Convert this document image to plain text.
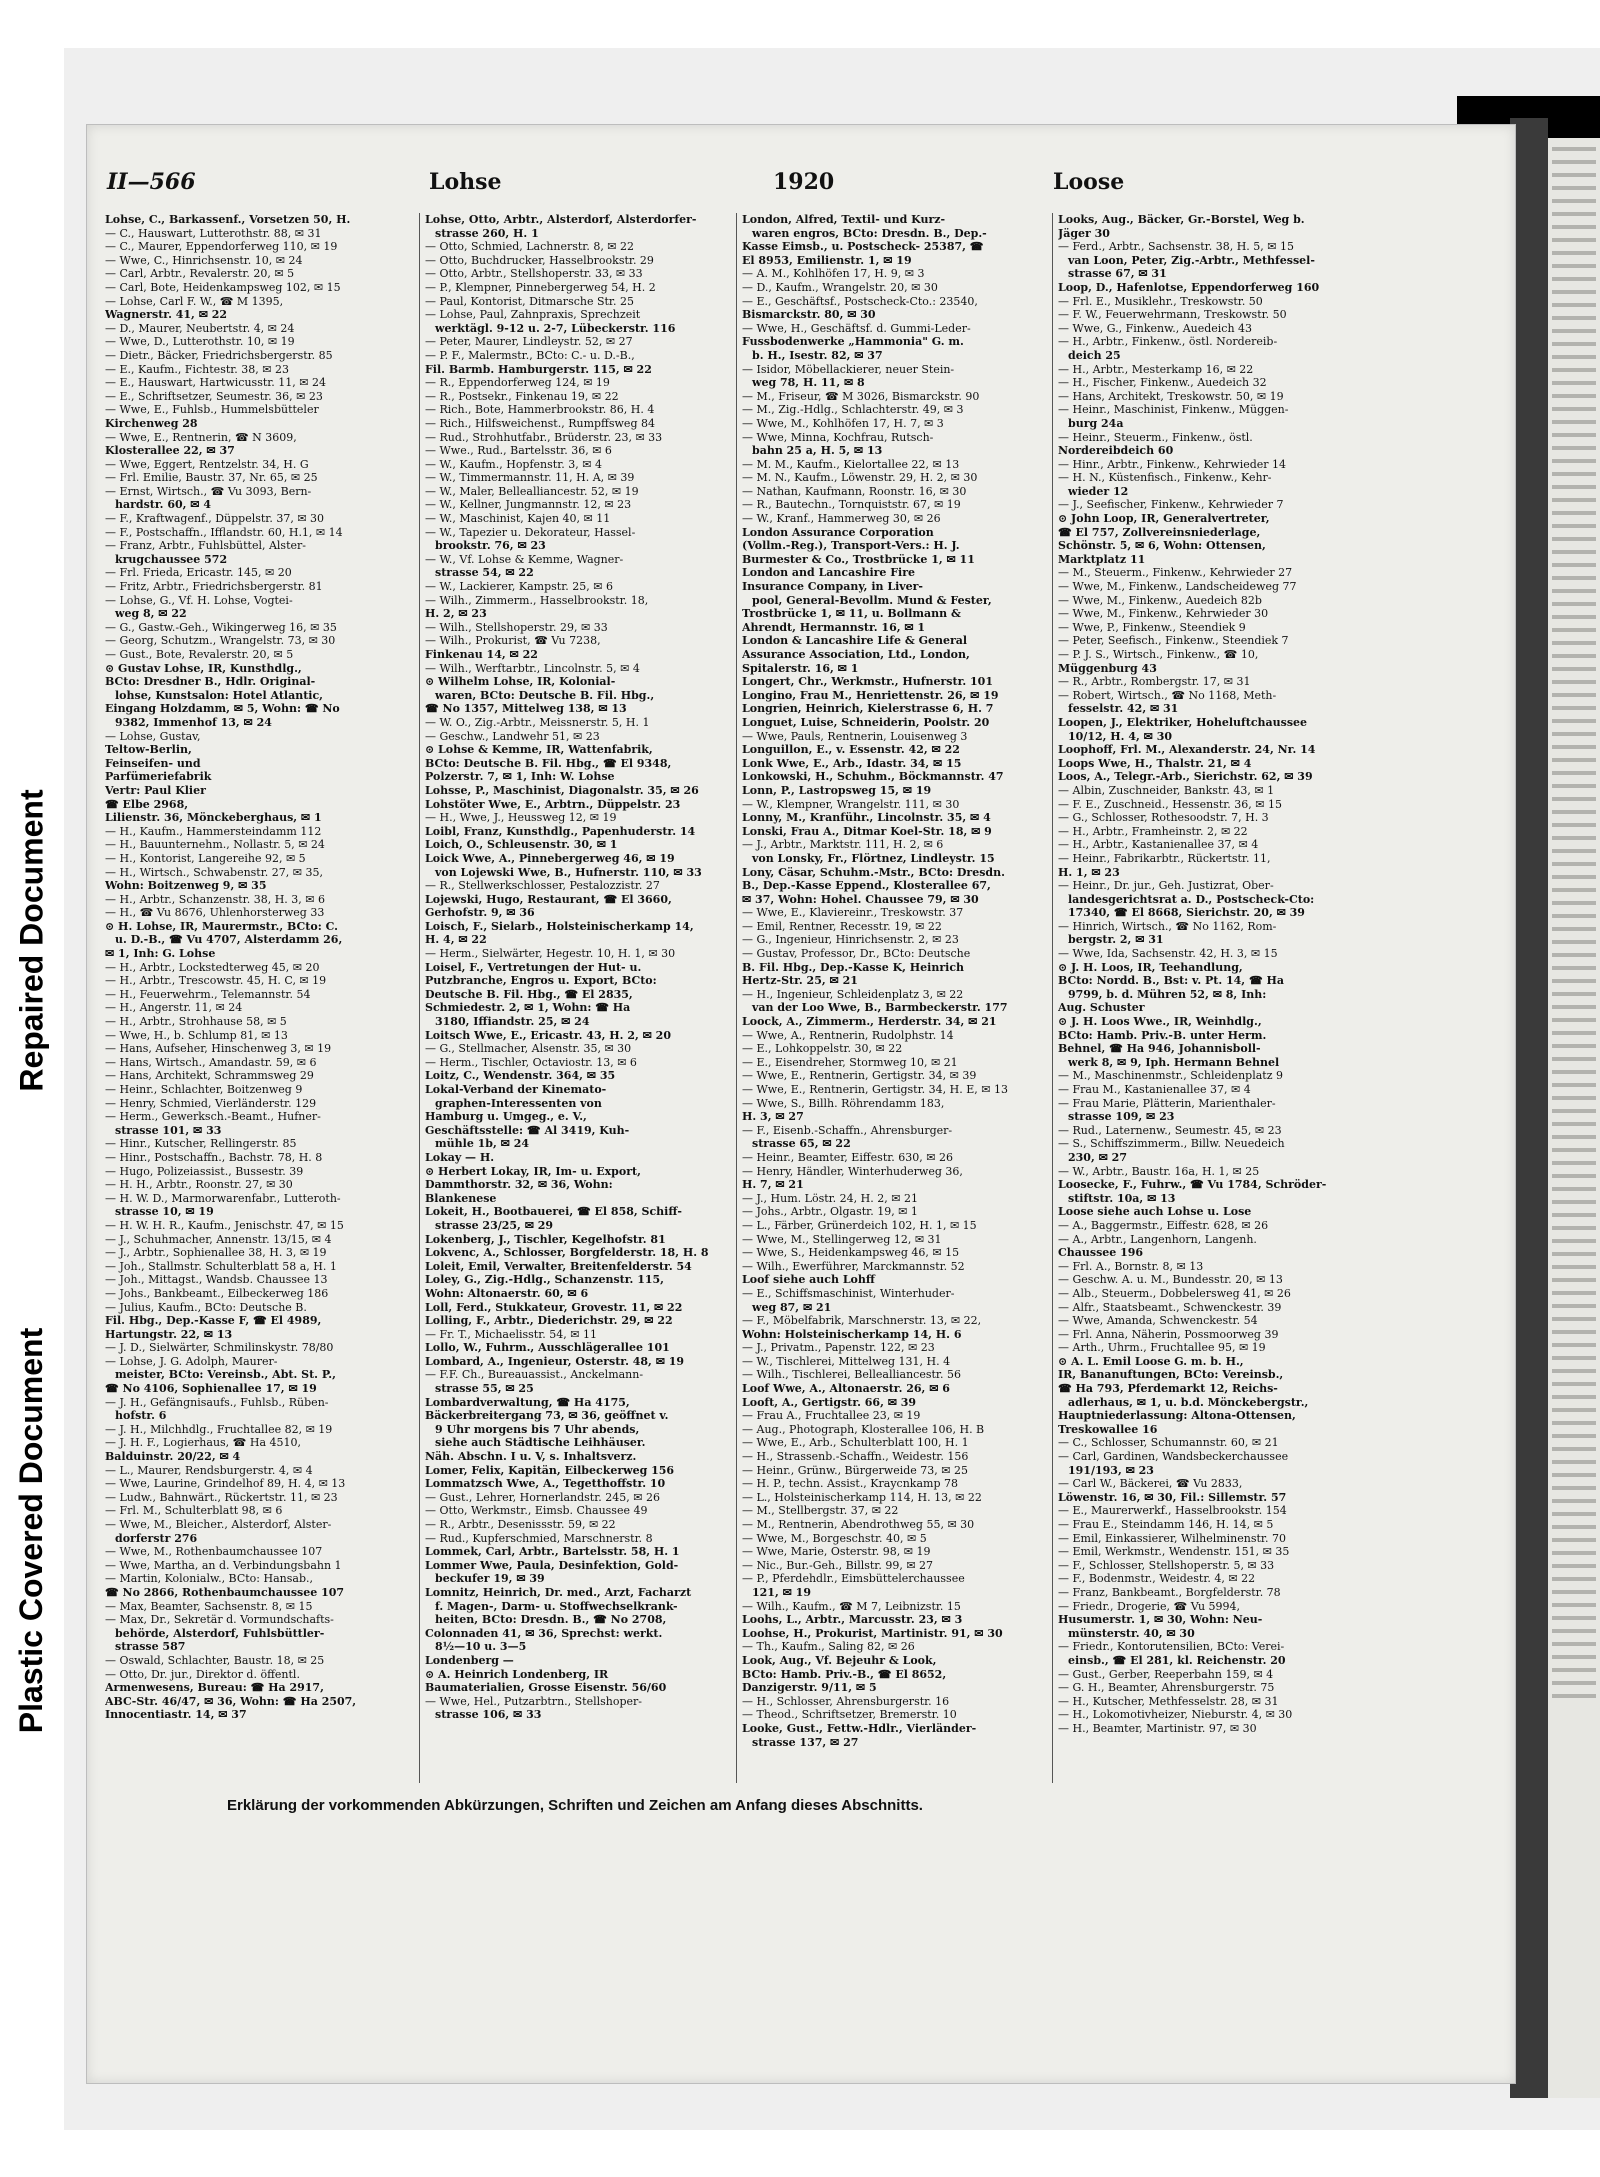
Repaired Document
Plastic Covered Document
II—566	Lohse	1920	Loose
Lohse, C., Barkassenf., Vorsetzen 50, H.
— C., Hauswart, Lutterothstr. 88, ✉ 31
— C., Maurer, Eppendorferweg 110, ✉ 19
— Wwe, C., Hinrichsenstr. 10, ✉ 24
— Carl, Arbtr., Revalerstr. 20, ✉ 5
— Carl, Bote, Heidenkampsweg 102, ✉ 15
— Lohse, Carl F. W., ☎ M 1395,
Wagnerstr. 41, ✉ 22
— D., Maurer, Neubertstr. 4, ✉ 24
— Wwe, D., Lutterothstr. 10, ✉ 19
— Dietr., Bäcker, Friedrichsbergerstr. 85
— E., Kaufm., Fichtestr. 38, ✉ 23
— E., Hauswart, Hartwicusstr. 11, ✉ 24
— E., Schriftsetzer, Seumestr. 36, ✉ 23
— Wwe, E., Fuhlsb., Hummelsbütteler
Kirchenweg 28
— Wwe, E., Rentnerin, ☎ N 3609,
Klosterallee 22, ✉ 37
— Wwe, Eggert, Rentzelstr. 34, H. G
— Frl. Emilie, Baustr. 37, Nr. 65, ✉ 25
— Ernst, Wirtsch., ☎ Vu 3093, Bern-
hardstr. 60, ✉ 4
— F., Kraftwagenf., Düppelstr. 37, ✉ 30
— F., Postschaffn., Ifflandstr. 60, H.1, ✉ 14
— Franz, Arbtr., Fuhlsbüttel, Alster-
krugchaussee 572
— Frl. Frieda, Ericastr. 145, ✉ 20
— Fritz, Arbtr., Friedrichsbergerstr. 81
— Lohse, G., Vf. H. Lohse, Vogtei-
weg 8, ✉ 22
— G., Gastw.-Geh., Wikingerweg 16, ✉ 35
— Georg, Schutzm., Wrangelstr. 73, ✉ 30
— Gust., Bote, Revalerstr. 20, ✉ 5
⊙ Gustav Lohse, IR, Kunsthdlg.,
BCto: Dresdner B., Hdlr. Original-
lohse, Kunstsalon: Hotel Atlantic,
Eingang Holzdamm, ✉ 5, Wohn: ☎ No
9382, Immenhof 13, ✉ 24
— Lohse, Gustav,
Teltow-Berlin,
Feinseifen- und
Parfümeriefabrik
Vertr: Paul Klier
☎ Elbe 2968,
Lilienstr. 36, Mönckeberghaus, ✉ 1
— H., Kaufm., Hammersteindamm 112
— H., Bauunternehm., Nollastr. 5, ✉ 24
— H., Kontorist, Langereihe 92, ✉ 5
— H., Wirtsch., Schwabenstr. 27, ✉ 35,
Wohn: Boitzenweg 9, ✉ 35
— H., Arbtr., Schanzenstr. 38, H. 3, ✉ 6
— H., ☎ Vu 8676, Uhlenhorsterweg 33
⊙ H. Lohse, IR, Maurermstr., BCto: C.
u. D.-B., ☎ Vu 4707, Alsterdamm 26,
✉ 1, Inh: G. Lohse
— H., Arbtr., Lockstedterweg 45, ✉ 20
— H., Arbtr., Trescowstr. 45, H. C, ✉ 19
— H., Feuerwehrm., Telemannstr. 54
— H., Angerstr. 11, ✉ 24
— H., Arbtr., Strohhause 58, ✉ 5
— Wwe, H., b. Schlump 81, ✉ 13
— Hans, Aufseher, Hinschenweg 3, ✉ 19
— Hans, Wirtsch., Amandastr. 59, ✉ 6
— Hans, Architekt, Schrammsweg 29
— Heinr., Schlachter, Boitzenweg 9
— Henry, Schmied, Vierländerstr. 129
— Herm., Gewerksch.-Beamt., Hufner-
strasse 101, ✉ 33
— Hinr., Kutscher, Rellingerstr. 85
— Hinr., Postschaffn., Bachstr. 78, H. 8
— Hugo, Polizeiassist., Bussestr. 39
— H. H., Arbtr., Roonstr. 27, ✉ 30
— H. W. D., Marmorwarenfabr., Lutteroth-
strasse 10, ✉ 19
— H. W. H. R., Kaufm., Jenischstr. 47, ✉ 15
— J., Schuhmacher, Annenstr. 13/15, ✉ 4
— J., Arbtr., Sophienallee 38, H. 3, ✉ 19
— Joh., Stallmstr. Schulterblatt 58 a, H. 1
— Joh., Mittagst., Wandsb. Chaussee 13
— Johs., Bankbeamt., Eilbeckerweg 186
— Julius, Kaufm., BCto: Deutsche B.
Fil. Hbg., Dep.-Kasse F, ☎ El 4989,
Hartungstr. 22, ✉ 13
— J. D., Sielwärter, Schmilinskystr. 78/80
— Lohse, J. G. Adolph, Maurer-
meister, BCto: Vereinsb., Abt. St. P.,
☎ No 4106, Sophienallee 17, ✉ 19
— J. H., Gefängnisaufs., Fuhlsb., Rüben-
hofstr. 6
— J. H., Milchhdlg., Fruchtallee 82, ✉ 19
— J. H. F., Logierhaus, ☎ Ha 4510,
Balduinstr. 20/22, ✉ 4
— L., Maurer, Rendsburgerstr. 4, ✉ 4
— Wwe, Laurine, Grindelhof 89, H. 4, ✉ 13
— Ludw., Bahnwärt., Rückertstr. 11, ✉ 23
— Frl. M., Schulterblatt 98, ✉ 6
— Wwe, M., Bleicher., Alsterdorf, Alster-
dorferstr 276
— Wwe, M., Rothenbaumchaussee 107
— Wwe, Martha, an d. Verbindungsbahn 1
— Martin, Kolonialw., BCto: Hansab.,
☎ No 2866, Rothenbaumchaussee 107
— Max, Beamter, Sachsenstr. 8, ✉ 15
— Max, Dr., Sekretär d. Vormundschafts-
behörde, Alsterdorf, Fuhlsbüttler-
strasse 587
— Oswald, Schlachter, Baustr. 18, ✉ 25
— Otto, Dr. jur., Direktor d. öffentl.
Armenwesens, Bureau: ☎ Ha 2917,
ABC-Str. 46/47, ✉ 36, Wohn: ☎ Ha 2507,
Innocentiastr. 14, ✉ 37
Lohse, Otto, Arbtr., Alsterdorf, Alsterdorfer-
strasse 260, H. 1
— Otto, Schmied, Lachnerstr. 8, ✉ 22
— Otto, Buchdrucker, Hasselbrookstr. 29
— Otto, Arbtr., Stellshoperstr. 33, ✉ 33
— P., Klempner, Pinnebergerweg 54, H. 2
— Paul, Kontorist, Ditmarsche Str. 25
— Lohse, Paul, Zahnpraxis, Sprechzeit
werktägl. 9-12 u. 2-7, Lübeckerstr. 116
— Peter, Maurer, Lindleystr. 52, ✉ 27
— P. F., Malermstr., BCto: C.- u. D.-B.,
Fil. Barmb. Hamburgerstr. 115, ✉ 22
— R., Eppendorferweg 124, ✉ 19
— R., Postsekr., Finkenau 19, ✉ 22
— Rich., Bote, Hammerbrookstr. 86, H. 4
— Rich., Hilfsweichenst., Rumpffsweg 84
— Rud., Strohhutfabr., Brüderstr. 23, ✉ 33
— Wwe., Rud., Bartelsstr. 36, ✉ 6
— W., Kaufm., Hopfenstr. 3, ✉ 4
— W., Timmermannstr. 11, H. A, ✉ 39
— W., Maler, Bellealliancestr. 52, ✉ 19
— W., Kellner, Jungmannstr. 12, ✉ 23
— W., Maschinist, Kajen 40, ✉ 11
— W., Tapezier u. Dekorateur, Hassel-
brookstr. 76, ✉ 23
— W., Vf. Lohse & Kemme, Wagner-
strasse 54, ✉ 22
— W., Lackierer, Kampstr. 25, ✉ 6
— Wilh., Zimmerm., Hasselbrookstr. 18,
H. 2, ✉ 23
— Wilh., Stellshoperstr. 29, ✉ 33
— Wilh., Prokurist, ☎ Vu 7238,
Finkenau 14, ✉ 22
— Wilh., Werftarbtr., Lincolnstr. 5, ✉ 4
⊙ Wilhelm Lohse, IR, Kolonial-
waren, BCto: Deutsche B. Fil. Hbg.,
☎ No 1357, Mittelweg 138, ✉ 13
— W. O., Zig.-Arbtr., Meissnerstr. 5, H. 1
— Geschw., Landwehr 51, ✉ 23
⊙ Lohse & Kemme, IR, Wattenfabrik,
BCto: Deutsche B. Fil. Hbg., ☎ El 9348,
Polzerstr. 7, ✉ 1, Inh: W. Lohse
Lohsse, P., Maschinist, Diagonalstr. 35, ✉ 26
Lohstöter Wwe, E., Arbtrn., Düppelstr. 23
— H., Wwe, J., Heussweg 12, ✉ 19
Loibl, Franz, Kunsthdlg., Papenhuderstr. 14
Loich, O., Schleusenstr. 30, ✉ 1
Loick Wwe, A., Pinnebergerweg 46, ✉ 19
von Lojewski Wwe, B., Hufnerstr. 110, ✉ 33
— R., Stellwerkschlosser, Pestalozzistr. 27
Lojewski, Hugo, Restaurant, ☎ El 3660,
Gerhofstr. 9, ✉ 36
Loisch, F., Sielarb., Holsteinischerkamp 14,
H. 4, ✉ 22
— Herm., Sielwärter, Hegestr. 10, H. 1, ✉ 30
Loisel, F., Vertretungen der Hut- u.
Putzbranche, Engros u. Export, BCto:
Deutsche B. Fil. Hbg., ☎ El 2835,
Schmiedestr. 2, ✉ 1, Wohn: ☎ Ha
3180, Iffiandstr. 25, ✉ 24
Loitsch Wwe, E., Ericastr. 43, H. 2, ✉ 20
— G., Stellmacher, Alsenstr. 35, ✉ 30
— Herm., Tischler, Octaviostr. 13, ✉ 6
Loitz, C., Wendenstr. 364, ✉ 35
Lokal-Verband der Kinemato-
graphen-Interessenten von
Hamburg u. Umgeg., e. V.,
Geschäftsstelle: ☎ Al 3419, Kuh-
mühle 1b, ✉ 24
Lokay — H.
⊙ Herbert Lokay, IR, Im- u. Export,
Dammthorstr. 32, ✉ 36, Wohn:
Blankenese
Lokeit, H., Bootbauerei, ☎ El 858, Schiff-
strasse 23/25, ✉ 29
Lokenberg, J., Tischler, Kegelhofstr. 81
Lokvenc, A., Schlosser, Borgfelderstr. 18, H. 8
Loleit, Emil, Verwalter, Breitenfelderstr. 54
Loley, G., Zig.-Hdlg., Schanzenstr. 115,
Wohn: Altonaerstr. 60, ✉ 6
Loll, Ferd., Stukkateur, Grovestr. 11, ✉ 22
Lolling, F., Arbtr., Diederichstr. 29, ✉ 22
— Fr. T., Michaelisstr. 54, ✉ 11
Lollo, W., Fuhrm., Ausschlägerallee 101
Lombard, A., Ingenieur, Osterstr. 48, ✉ 19
— F.F. Ch., Bureauassist., Anckelmann-
strasse 55, ✉ 25
Lombardverwaltung, ☎ Ha 4175,
Bäckerbreitergang 73, ✉ 36, geöffnet v.
9 Uhr morgens bis 7 Uhr abends,
siehe auch Städtische Leihhäuser.
Näh. Abschn. I u. V, s. Inhaltsverz.
Lomer, Felix, Kapitän, Eilbeckerweg 156
Lommatzsch Wwe, A., Tegetthoffstr. 10
— Gust., Lehrer, Hornerlandstr. 245, ✉ 26
— Otto, Werkmstr., Eimsb. Chaussee 49
— R., Arbtr., Desenissstr. 59, ✉ 22
— Rud., Kupferschmied, Marschnerstr. 8
Lommek, Carl, Arbtr., Bartelsstr. 58, H. 1
Lommer Wwe, Paula, Desinfektion, Gold-
beckufer 19, ✉ 39
Lomnitz, Heinrich, Dr. med., Arzt, Facharzt
f. Magen-, Darm- u. Stoffwechselkrank-
heiten, BCto: Dresdn. B., ☎ No 2708,
Colonnaden 41, ✉ 36, Sprechst: werkt.
8½—10 u. 3—5
Londenberg —
⊙ A. Heinrich Londenberg, IR
Baumaterialien, Grosse Eisenstr. 56/60
— Wwe, Hel., Putzarbtrn., Stellshoper-
strasse 106, ✉ 33
London, Alfred, Textil- und Kurz-
waren engros, BCto: Dresdn. B., Dep.-
Kasse Eimsb., u. Postscheck- 25387, ☎
El 8953, Emilienstr. 1, ✉ 19
— A. M., Kohlhöfen 17, H. 9, ✉ 3
— D., Kaufm., Wrangelstr. 20, ✉ 30
— E., Geschäftsf., Postscheck-Cto.: 23540,
Bismarckstr. 80, ✉ 30
— Wwe, H., Geschäftsf. d. Gummi-Leder-
Fussbodenwerke „Hammonia" G. m.
b. H., Isestr. 82, ✉ 37
— Isidor, Möbellackierer, neuer Stein-
weg 78, H. 11, ✉ 8
— M., Friseur, ☎ M 3026, Bismarckstr. 90
— M., Zig.-Hdlg., Schlachterstr. 49, ✉ 3
— Wwe, M., Kohlhöfen 17, H. 7, ✉ 3
— Wwe, Minna, Kochfrau, Rutsch-
bahn 25 a, H. 5, ✉ 13
— M. M., Kaufm., Kielortallee 22, ✉ 13
— M. N., Kaufm., Löwenstr. 29, H. 2, ✉ 30
— Nathan, Kaufmann, Roonstr. 16, ✉ 30
— R., Bautechn., Tornquiststr. 67, ✉ 19
— W., Kranf., Hammerweg 30, ✉ 26
London Assurance Corporation
(Vollm.-Reg.), Transport-Vers.: H. J.
Burmester & Co., Trostbrücke 1, ✉ 11
London and Lancashire Fire
Insurance Company, in Liver-
pool, General-Bevollm. Mund & Fester,
Trostbrücke 1, ✉ 11, u. Bollmann &
Ahrendt, Hermannstr. 16, ✉ 1
London & Lancashire Life & General
Assurance Association, Ltd., London,
Spitalerstr. 16, ✉ 1
Longert, Chr., Werkmstr., Hufnerstr. 101
Longino, Frau M., Henriettenstr. 26, ✉ 19
Longrien, Heinrich, Kielerstrasse 6, H. 7
Longuet, Luise, Schneiderin, Poolstr. 20
— Wwe, Pauls, Rentnerin, Louisenweg 3
Longuillon, E., v. Essenstr. 42, ✉ 22
Lonk Wwe, E., Arb., Idastr. 34, ✉ 15
Lonkowski, H., Schuhm., Böckmannstr. 47
Lonn, P., Lastropsweg 15, ✉ 19
— W., Klempner, Wrangelstr. 111, ✉ 30
Lonny, M., Kranführ., Lincolnstr. 35, ✉ 4
Lonski, Frau A., Ditmar Koel-Str. 18, ✉ 9
— J., Arbtr., Marktstr. 111, H. 2, ✉ 6
von Lonsky, Fr., Flörtnez, Lindleystr. 15
Lony, Cäsar, Schuhm.-Mstr., BCto: Dresdn.
B., Dep.-Kasse Eppend., Klosterallee 67,
✉ 37, Wohn: Hohel. Chaussee 79, ✉ 30
— Wwe, E., Klaviereinr., Treskowstr. 37
— Emil, Rentner, Recesstr. 19, ✉ 22
— G., Ingenieur, Hinrichsenstr. 2, ✉ 23
— Gustav, Professor, Dr., BCto: Deutsche
B. Fil. Hbg., Dep.-Kasse K, Heinrich
Hertz-Str. 25, ✉ 21
— H., Ingenieur, Schleidenplatz 3, ✉ 22
van der Loo Wwe, B., Barmbeckerstr. 177
Loock, A., Zimmerm., Herderstr. 34, ✉ 21
— Wwe, A., Rentnerin, Rudolphstr. 14
— E., Lohkoppelstr. 30, ✉ 22
— E., Eisendreher, Stormweg 10, ✉ 21
— Wwe, E., Rentnerin, Gertigstr. 34, ✉ 39
— Wwe, E., Rentnerin, Gertigstr. 34, H. E, ✉ 13
— Wwe, S., Billh. Röhrendamm 183,
H. 3, ✉ 27
— F., Eisenb.-Schaffn., Ahrensburger-
strasse 65, ✉ 22
— Heinr., Beamter, Eiffestr. 630, ✉ 26
— Henry, Händler, Winterhuderweg 36,
H. 7, ✉ 21
— J., Hum. Löstr. 24, H. 2, ✉ 21
— Johs., Arbtr., Olgastr. 19, ✉ 1
— L., Färber, Grünerdeich 102, H. 1, ✉ 15
— Wwe, M., Stellingerweg 12, ✉ 31
— Wwe, S., Heidenkampsweg 46, ✉ 15
— Wilh., Ewerführer, Marckmannstr. 52
Loof siehe auch Lohff
— E., Schiffsmaschinist, Winterhuder-
weg 87, ✉ 21
— F., Möbelfabrik, Marschnerstr. 13, ✉ 22,
Wohn: Holsteinischerkamp 14, H. 6
— J., Privatm., Papenstr. 122, ✉ 23
— W., Tischlerei, Mittelweg 131, H. 4
— Wilh., Tischlerei, Bellealliancestr. 56
Loof Wwe, A., Altonaerstr. 26, ✉ 6
Looft, A., Gertigstr. 66, ✉ 39
— Frau A., Fruchtallee 23, ✉ 19
— Aug., Photograph, Klosterallee 106, H. B
— Wwe, E., Arb., Schulterblatt 100, H. 1
— H., Strassenb.-Schaffn., Weidestr. 156
— Heinr., Grünw., Bürgerweide 73, ✉ 25
— H. P., techn. Assist., Kraycnkamp 78
— L., Holsteinischerkamp 114, H. 13, ✉ 22
— M., Stellbergstr. 37, ✉ 22
— M., Rentnerin, Abendrothweg 55, ✉ 30
— Wwe, M., Borgeschstr. 40, ✉ 5
— Wwe, Marie, Osterstr. 98, ✉ 19
— Nic., Bur.-Geh., Billstr. 99, ✉ 27
— P., Pferdehdlr., Eimsbüttelerchaussee
121, ✉ 19
— Wilh., Kaufm., ☎ M 7, Leibnizstr. 15
Loohs, L., Arbtr., Marcusstr. 23, ✉ 3
Loohse, H., Prokurist, Martinistr. 91, ✉ 30
— Th., Kaufm., Saling 82, ✉ 26
Look, Aug., Vf. Bejeuhr & Look,
BCto: Hamb. Priv.-B., ☎ El 8652,
Danzigerstr. 9/11, ✉ 5
— H., Schlosser, Ahrensburgerstr. 16
— Theod., Schriftsetzer, Bremerstr. 10
Looke, Gust., Fettw.-Hdlr., Vierländer-
strasse 137, ✉ 27
Looks, Aug., Bäcker, Gr.-Borstel, Weg b.
Jäger 30
— Ferd., Arbtr., Sachsenstr. 38, H. 5, ✉ 15
van Loon, Peter, Zig.-Arbtr., Methfessel-
strasse 67, ✉ 31
Loop, D., Hafenlotse, Eppendorferweg 160
— Frl. E., Musiklehr., Treskowstr. 50
— F. W., Feuerwehrmann, Treskowstr. 50
— Wwe, G., Finkenw., Auedeich 43
— H., Arbtr., Finkenw., östl. Nordereib-
deich 25
— H., Arbtr., Mesterkamp 16, ✉ 22
— H., Fischer, Finkenw., Auedeich 32
— Hans, Architekt, Treskowstr. 50, ✉ 19
— Heinr., Maschinist, Finkenw., Müggen-
burg 24a
— Heinr., Steuerm., Finkenw., östl.
Nordereibdeich 60
— Hinr., Arbtr., Finkenw., Kehrwieder 14
— H. N., Küstenfisch., Finkenw., Kehr-
wieder 12
— J., Seefischer, Finkenw., Kehrwieder 7
⊙ John Loop, IR, Generalvertreter,
☎ El 757, Zollvereinsniederlage,
Schönstr. 5, ✉ 6, Wohn: Ottensen,
Marktplatz 11
— M., Steuerm., Finkenw., Kehrwieder 27
— Wwe, M., Finkenw., Landscheideweg 77
— Wwe, M., Finkenw., Auedeich 82b
— Wwe, M., Finkenw., Kehrwieder 30
— Wwe, P., Finkenw., Steendiek 9
— Peter, Seefisch., Finkenw., Steendiek 7
— P. J. S., Wirtsch., Finkenw., ☎ 10,
Müggenburg 43
— R., Arbtr., Rombergstr. 17, ✉ 31
— Robert, Wirtsch., ☎ No 1168, Meth-
fesselstr. 42, ✉ 31
Loopen, J., Elektriker, Hoheluftchaussee
10/12, H. 4, ✉ 30
Loophoff, Frl. M., Alexanderstr. 24, Nr. 14
Loops Wwe, H., Thalstr. 21, ✉ 4
Loos, A., Telegr.-Arb., Sierichstr. 62, ✉ 39
— Albin, Zuschneider, Bankstr. 43, ✉ 1
— F. E., Zuschneid., Hessenstr. 36, ✉ 15
— G., Schlosser, Rothesoodstr. 7, H. 3
— H., Arbtr., Framheinstr. 2, ✉ 22
— H., Arbtr., Kastanienallee 37, ✉ 4
— Heinr., Fabrikarbtr., Rückertstr. 11,
H. 1, ✉ 23
— Heinr., Dr. jur., Geh. Justizrat, Ober-
landesgerichtsrat a. D., Postscheck-Cto:
17340, ☎ El 8668, Sierichstr. 20, ✉ 39
— Hinrich, Wirtsch., ☎ No 1162, Rom-
bergstr. 2, ✉ 31
— Wwe, Ida, Sachsenstr. 42, H. 3, ✉ 15
⊙ J. H. Loos, IR, Teehandlung,
BCto: Nordd. B., Bst: v. Pt. 14, ☎ Ha
9799, b. d. Mühren 52, ✉ 8, Inh:
Aug. Schuster
⊙ J. H. Loos Wwe., IR, Weinhdlg.,
BCto: Hamb. Priv.-B. unter Herm.
Behnel, ☎ Ha 946, Johannisboll-
werk 8, ✉ 9, Iph. Hermann Behnel
— M., Maschinenmstr., Schleidenplatz 9
— Frau M., Kastanienallee 37, ✉ 4
— Frau Marie, Plätterin, Marienthaler-
strasse 109, ✉ 23
— Rud., Laternenw., Seumestr. 45, ✉ 23
— S., Schiffszimmerm., Billw. Neuedeich
230, ✉ 27
— W., Arbtr., Baustr. 16a, H. 1, ✉ 25
Loosecke, F., Fuhrw., ☎ Vu 1784, Schröder-
stiftstr. 10a, ✉ 13
Loose siehe auch Lohse u. Lose
— A., Baggermstr., Eiffestr. 628, ✉ 26
— A., Arbtr., Langenhorn, Langenh.
Chaussee 196
— Frl. A., Bornstr. 8, ✉ 13
— Geschw. A. u. M., Bundesstr. 20, ✉ 13
— Alb., Steuerm., Dobbelersweg 41, ✉ 26
— Alfr., Staatsbeamt., Schwenckestr. 39
— Wwe, Amanda, Schwenckestr. 54
— Frl. Anna, Näherin, Possmoorweg 39
— Arth., Uhrm., Fruchtallee 95, ✉ 19
⊙ A. L. Emil Loose G. m. b. H.,
IR, Bananuftungen, BCto: Vereinsb.,
☎ Ha 793, Pferdemarkt 12, Reichs-
adlerhaus, ✉ 1, u. b.d. Mönckebergstr.,
Hauptniederlassung: Altona-Ottensen,
Treskowallee 16
— C., Schlosser, Schumannstr. 60, ✉ 21
— Carl, Gardinen, Wandsbeckerchaussee
191/193, ✉ 23
— Carl W., Bäckerei, ☎ Vu 2833,
Löwenstr. 16, ✉ 30, Fil.: Sillemstr. 57
— E., Maurerwerkf., Hasselbrookstr. 154
— Frau E., Steindamm 146, H. 14, ✉ 5
— Emil, Einkassierer, Wilhelminenstr. 70
— Emil, Werkmstr., Wendenstr. 151, ✉ 35
— F., Schlosser, Stellshoperstr. 5, ✉ 33
— F., Bodenmstr., Weidestr. 4, ✉ 22
— Franz, Bankbeamt., Borgfelderstr. 78
— Friedr., Drogerie, ☎ Vu 5994,
Husumerstr. 1, ✉ 30, Wohn: Neu-
münsterstr. 40, ✉ 30
— Friedr., Kontorutensilien, BCto: Verei-
einsb., ☎ El 281, kl. Reichenstr. 20
— Gust., Gerber, Reeperbahn 159, ✉ 4
— G. H., Beamter, Ahrensburgerstr. 75
— H., Kutscher, Methfesselstr. 28, ✉ 31
— H., Lokomotivheizer, Nieburstr. 4, ✉ 30
— H., Beamter, Martinistr. 97, ✉ 30
Erklärung der vorkommenden Abkürzungen, Schriften und Zeichen am Anfang dieses Abschnitts.
